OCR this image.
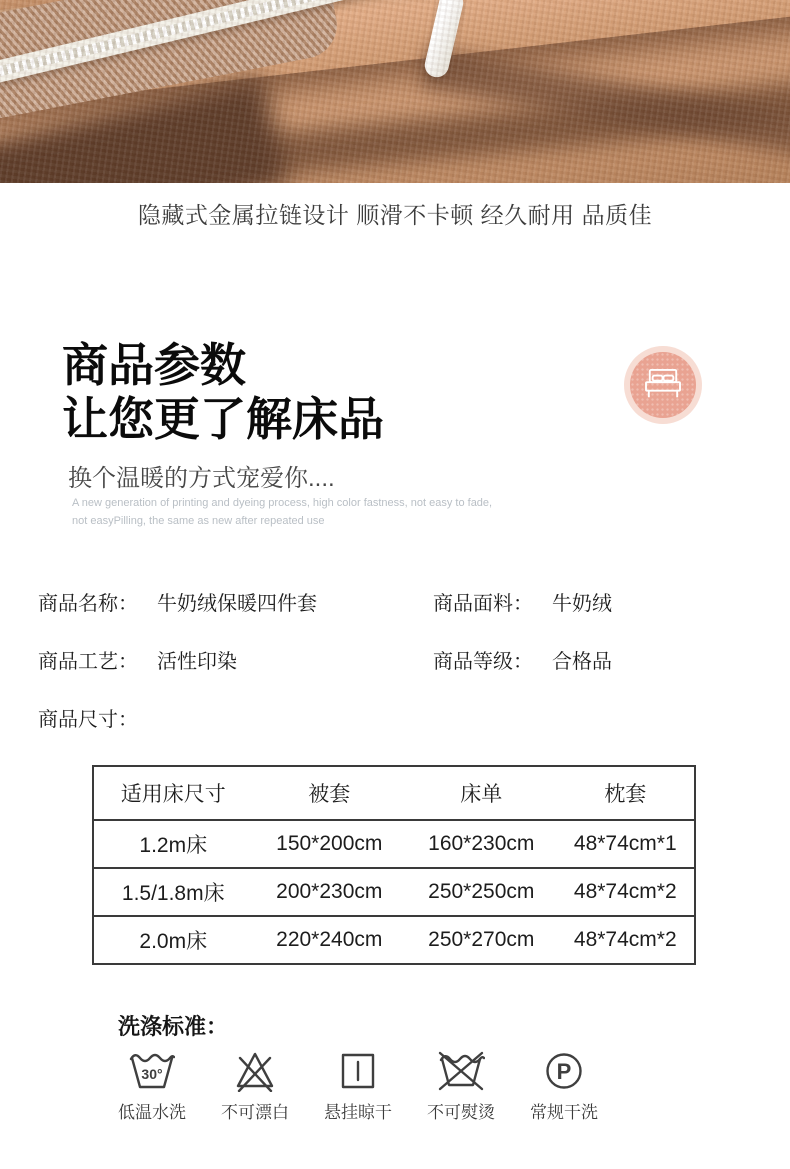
隐藏式金属拉链设计 顺滑不卡顿 经久耐用 品质佳
商品参数
让您更了解床品
换个温暖的方式宠爱你....
A new generation of printing and dyeing process, high color fastness, not easy to fade,
not easyPilling, the same as new after repeated use
商品名称： 牛奶绒保暖四件套	商品面料： 牛奶绒
商品工艺： 活性印染	商品等级： 合格品
商品尺寸：
适用床尺寸	被套	床单	枕套
1.2m床	150*200cm	160*230cm	48*74cm*1
1.5/1.8m床	200*230cm	250*250cm	48*74cm*2
2.0m床	220*240cm	250*270cm	48*74cm*2
洗涤标准：
30°
低温水洗 不可漂白 悬挂晾干 不可熨烫
P
常规干洗
